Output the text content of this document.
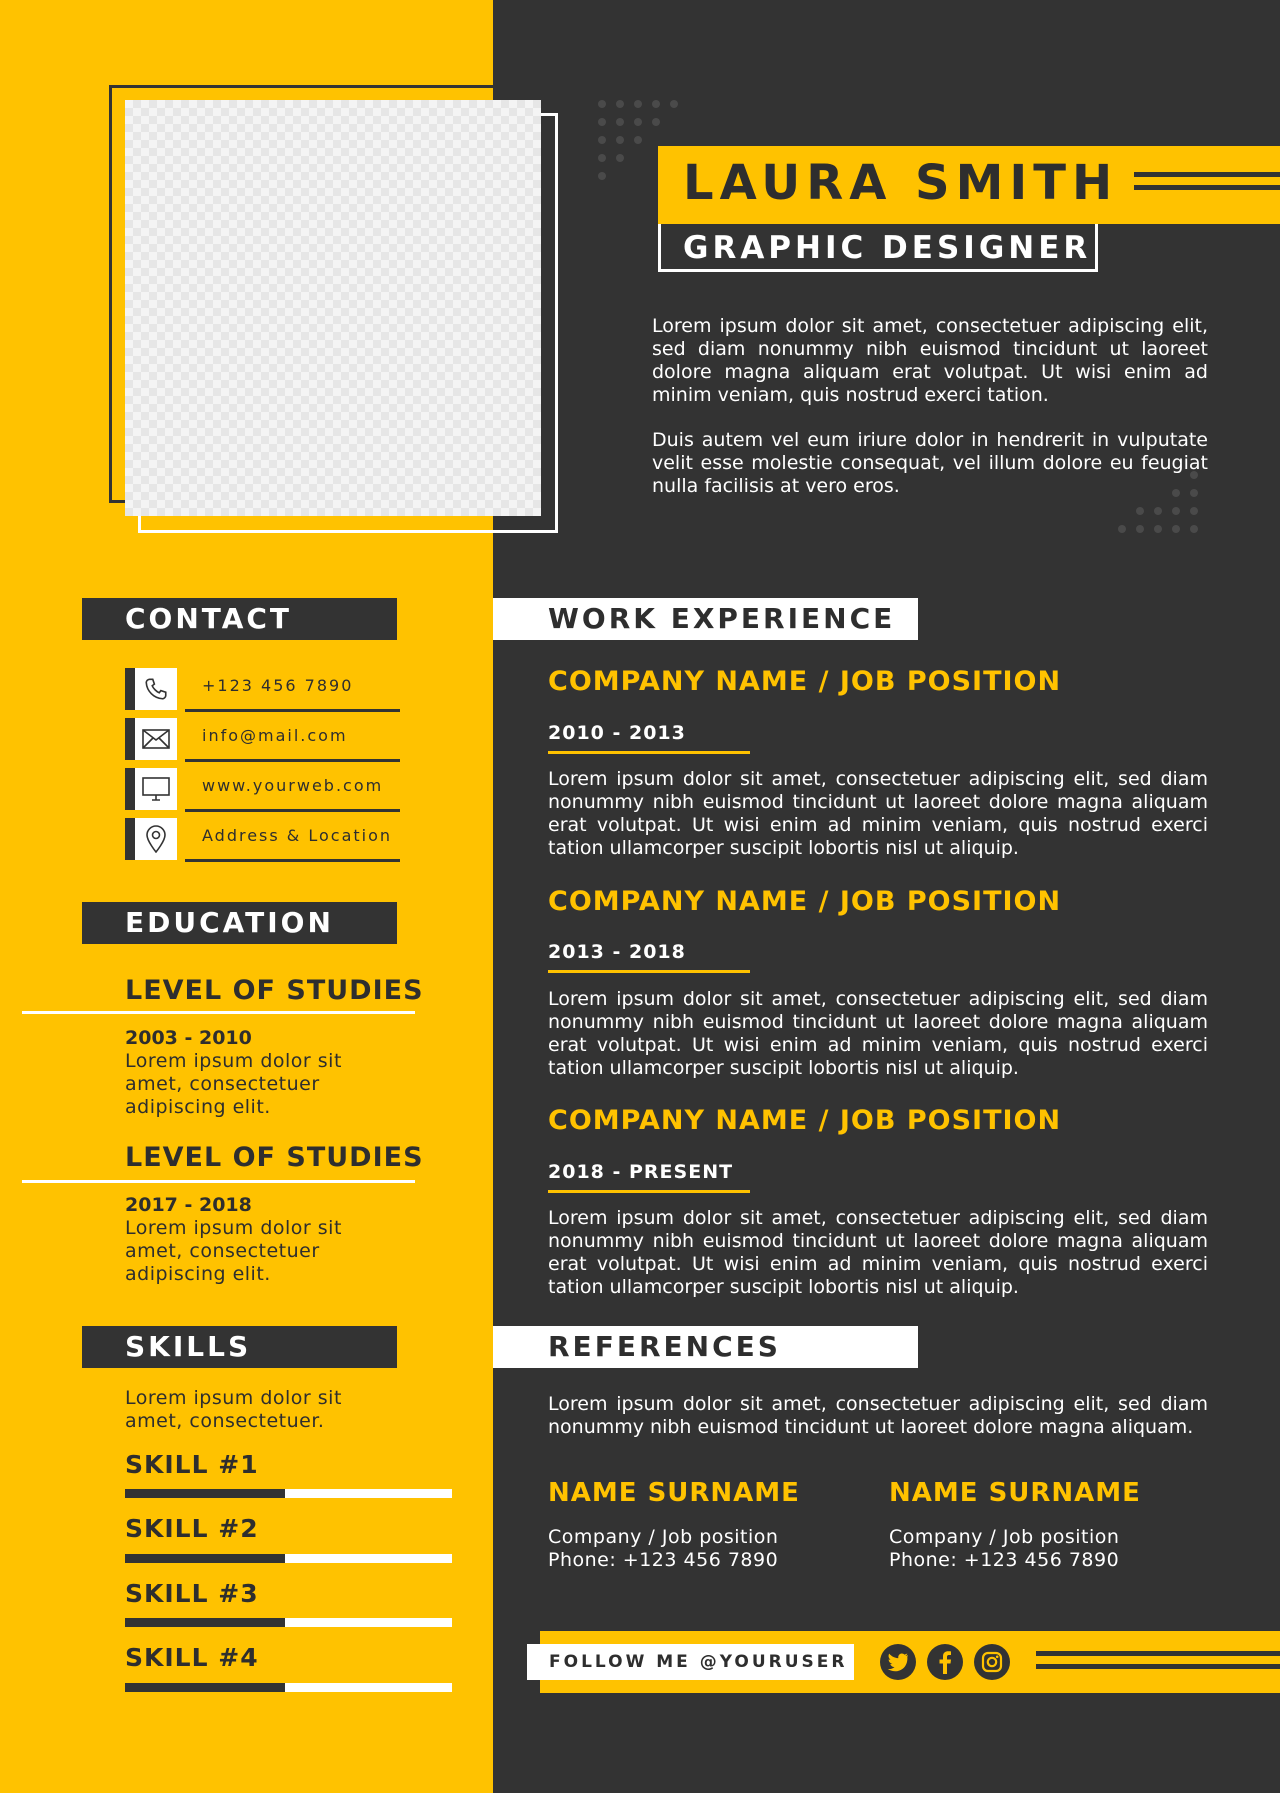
LAURA SMITH
GRAPHIC DESIGNER

Lorem ipsum dolor sit amet, consectetuer adipiscing elit, sed diam nonummy nibh euismod tincidunt ut laoreet dolore magna aliquam erat volutpat. Ut wisi enim ad minim veniam, quis nostrud exerci tation.

Duis autem vel eum iriure dolor in hendrerit in vulputate velit esse molestie consequat, vel illum dolore eu feugiat nulla facilisis at vero eros.

CONTACT
+123 456 7890
info@mail.com
www.yourweb.com
Address & Location
EDUCATION
LEVEL OF STUDIES
2003 - 2010
Lorem ipsum dolor sit amet, consectetuer adipiscing elit.
LEVEL OF STUDIES
2017 - 2018
Lorem ipsum dolor sit amet, consectetuer adipiscing elit.
SKILLS
Lorem ipsum dolor sit amet, consectetuer.
SKILL #1
SKILL #2
SKILL #3
SKILL #4
WORK EXPERIENCE
COMPANY NAME / JOB POSITION
2010 - 2013
Lorem ipsum dolor sit amet, consectetuer adipiscing elit, sed diam nonummy nibh euismod tincidunt ut laoreet dolore magna aliquam erat volutpat. Ut wisi enim ad minim veniam, quis nostrud exerci tation ullamcorper suscipit lobortis nisl ut aliquip.
COMPANY NAME / JOB POSITION
2013 - 2018
Lorem ipsum dolor sit amet, consectetuer adipiscing elit, sed diam nonummy nibh euismod tincidunt ut laoreet dolore magna aliquam erat volutpat. Ut wisi enim ad minim veniam, quis nostrud exerci tation ullamcorper suscipit lobortis nisl ut aliquip.
COMPANY NAME / JOB POSITION
2018 - PRESENT
Lorem ipsum dolor sit amet, consectetuer adipiscing elit, sed diam nonummy nibh euismod tincidunt ut laoreet dolore magna aliquam erat volutpat. Ut wisi enim ad minim veniam, quis nostrud exerci tation ullamcorper suscipit lobortis nisl ut aliquip.
REFERENCES
Lorem ipsum dolor sit amet, consectetuer adipiscing elit, sed diam nonummy nibh euismod tincidunt ut laoreet dolore magna aliquam.
NAME SURNAME
Company / Job position
Phone: +123 456 7890
NAME SURNAME
Company / Job position
Phone: +123 456 7890
FOLLOW ME @YOURUSER
